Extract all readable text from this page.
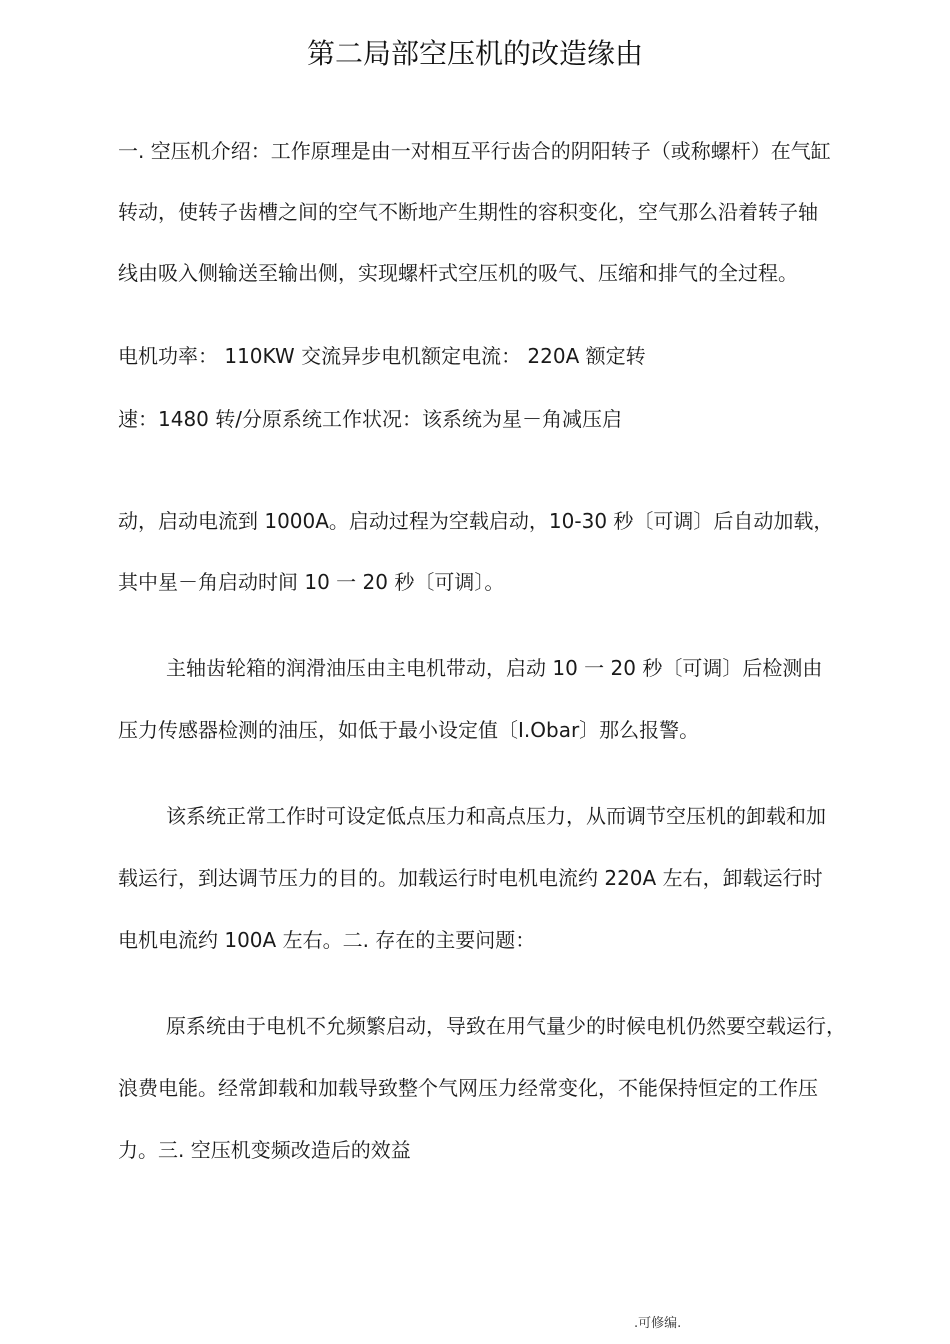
第二局部空压机的改造缘由
一. 空压机介绍：工作原理是由一对相互平行齿合的阴阳转子（或称螺杆）在气缸
转动，使转子齿槽之间的空气不断地产生期性的容积变化，空气那么沿着转子轴
线由吸入侧输送至输出侧，实现螺杆式空压机的吸气、压缩和排气的全过程。
电机功率： 110KW 交流异步电机额定电流： 220A 额定转
速：1480 转/分原系统工作状况：该系统为星－角减压启
动，启动电流到 1000A。启动过程为空载启动，10-30 秒〔可调〕后自动加载，
其中星－角启动时间 10 一 20 秒〔可调〕。
主轴齿轮箱的润滑油压由主电机带动，启动 10 一 20 秒〔可调〕后检测由
压力传感器检测的油压，如低于最小设定值〔I.Obar〕那么报警。
该系统正常工作时可设定低点压力和高点压力，从而调节空压机的卸载和加
载运行，到达调节压力的目的。加载运行时电机电流约 220A 左右，卸载运行时
电机电流约 100A 左右。二. 存在的主要问题：
原系统由于电机不允频繁启动，导致在用气量少的时候电机仍然要空载运行，
浪费电能。经常卸载和加载导致整个气网压力经常变化，不能保持恒定的工作压
力。三. 空压机变频改造后的效益
.可修编.
